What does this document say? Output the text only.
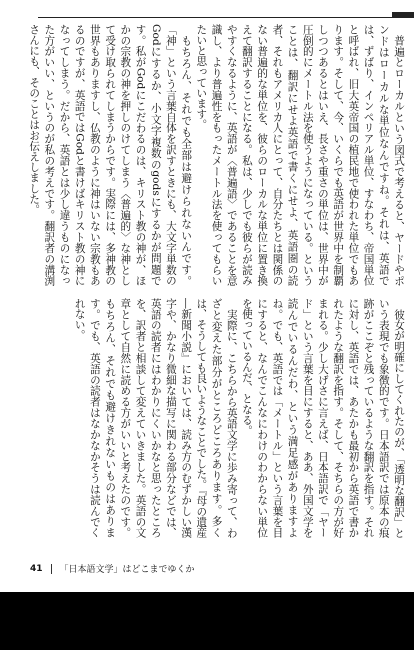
普遍とローカルという図式で考えると、ヤードやポンドはローカルな単位なんですね。それは、英語では、ずばり、インペリアル単位、すなわち、帝国単位と呼ばれ、旧大英帝国の植民地で使われた単位でもあります。そして、今、いくらでも英語が世界中を制覇しつつあるとはいえ、長さや重さの単位は、世界中が圧倒的にメートル法を使うようになっている。ということは、翻訳にせよ英語で書くにせよ、英語圏の読者、それもアメリカ人にとって、自分たちとは関係のない普遍的な単位を、彼らのローカルな単位に置き換えて翻訳することになる。私は、少しでも彼らが読みやすくなるように、英語が〈普遍語〉であることを意識し、より普遍性をもったメートル法を使ってもらいたいと思っています。

もちろん、それでも全部は避けられないんです。「神」という言葉自体を訳すときにも、大文字単数のGodにするか、小文字複数のgodsにするかが問題です。私がGodにこだわるのは、キリスト教の神が、ほかの宗教の神を押しのけてしまう〈普遍的〉な神として受け取られてしまうからです。実際には、多神教の世界もありますし、仏教のように神はいない宗教もあるのですが、英語ではGodと書けばキリスト教の神になってしまう。だから、英語とは少し違うものになった方がいい、というのが私の考えです。翻訳者の溝渕さんにも、そのことはお伝えしました。

彼女が明確にしてくれたのが、「透明な翻訳」という表現でも象徴的です。日本語訳では原本の痕跡がここぞと残っているような翻訳を指す。それに対し、英語では、あたかも最初から英語で書かれたような翻訳を指す。そして、そちらの方が好まれる。少し大げさに言えば、日本語訳で「ヤード」という言葉を目にすると、ああ、外国文学を読んでいるんだわ、という満足感がありますよね。でも、英語では「メートル」という言葉を目にすると、なんでこんなにわけのわからない単位を使っているんだ、となる。

実際に、こちらから英語文学に歩み寄って、わざと変えた部分がところどころあります。多くは、そうしても良いようなことでした。『母の遺産―新聞小説』においては、読み方のむずかしい漢字や、かなり微細な描写に関わる部分などでは、英語の読者にはわかりにくいかなと思ったところを、訳者と相談して変えていきました。英語の文章として自然に読める方がいいと考えたのです。もちろん、それでも避けきれないものはあります。でも、英語の読者はなかなかそうは読んでくれない。

41 「日本語文学」はどこまでゆくか
